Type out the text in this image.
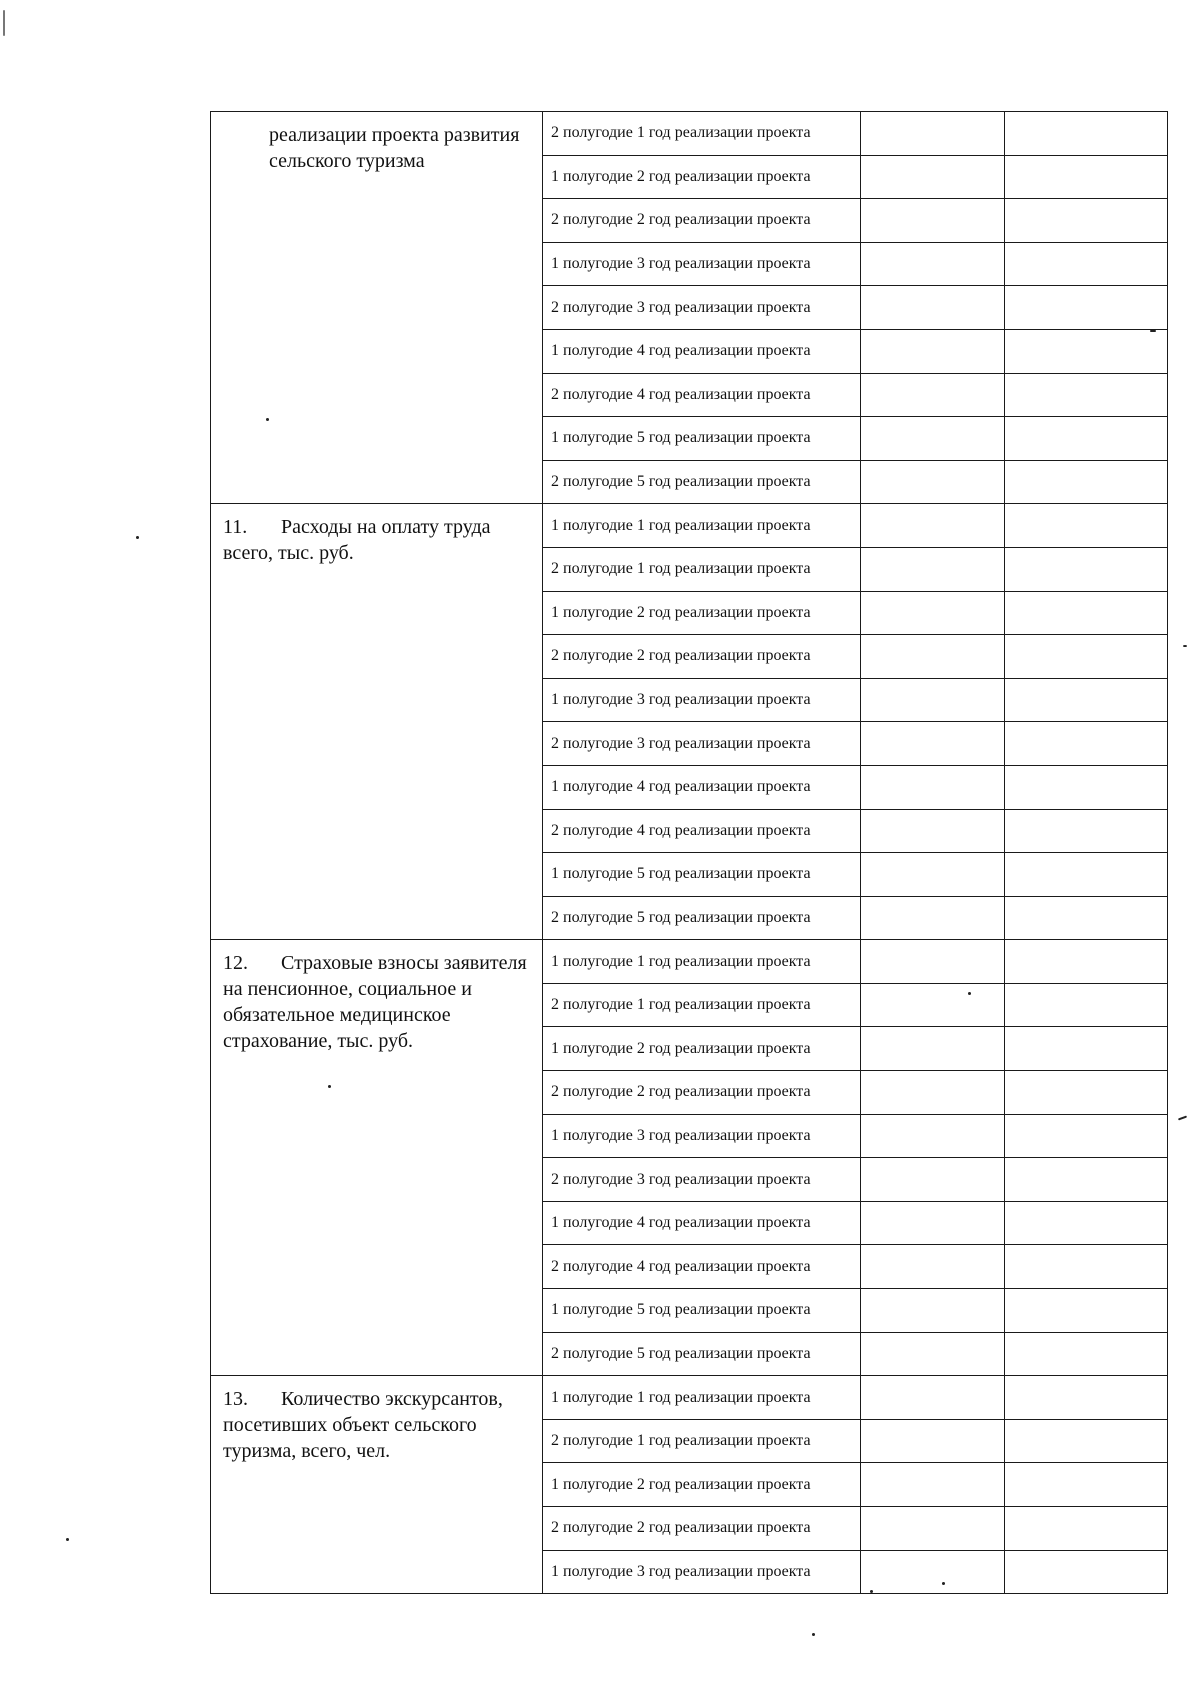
реализации проекта развития сельского туризма	2 полугодие 1 год реализации проекта		
	1 полугодие 2 год реализации проекта		
	2 полугодие 2 год реализации проекта		
	1 полугодие 3 год реализации проекта		
	2 полугодие 3 год реализации проекта		
	1 полугодие 4 год реализации проекта		
	2 полугодие 4 год реализации проекта		
	1 полугодие 5 год реализации проекта		
	2 полугодие 5 год реализации проекта		
11. Расходы на оплату труда всего, тыс. руб.	1 полугодие 1 год реализации проекта		
	2 полугодие 1 год реализации проекта		
	1 полугодие 2 год реализации проекта		
	2 полугодие 2 год реализации проекта		
	1 полугодие 3 год реализации проекта		
	2 полугодие 3 год реализации проекта		
	1 полугодие 4 год реализации проекта		
	2 полугодие 4 год реализации проекта		
	1 полугодие 5 год реализации проекта		
	2 полугодие 5 год реализации проекта		
12. Страховые взносы заявителя на пенсионное, социальное и обязательное медицинское страхование, тыс. руб.	1 полугодие 1 год реализации проекта		
	2 полугодие 1 год реализации проекта		
	1 полугодие 2 год реализации проекта		
	2 полугодие 2 год реализации проекта		
	1 полугодие 3 год реализации проекта		
	2 полугодие 3 год реализации проекта		
	1 полугодие 4 год реализации проекта		
	2 полугодие 4 год реализации проекта		
	1 полугодие 5 год реализации проекта		
	2 полугодие 5 год реализации проекта		
13. Количество экскурсантов, посетивших объект сельского туризма, всего, чел.	1 полугодие 1 год реализации проекта		
	2 полугодие 1 год реализации проекта		
	1 полугодие 2 год реализации проекта		
	2 полугодие 2 год реализации проекта		
	1 полугодие 3 год реализации проекта		
